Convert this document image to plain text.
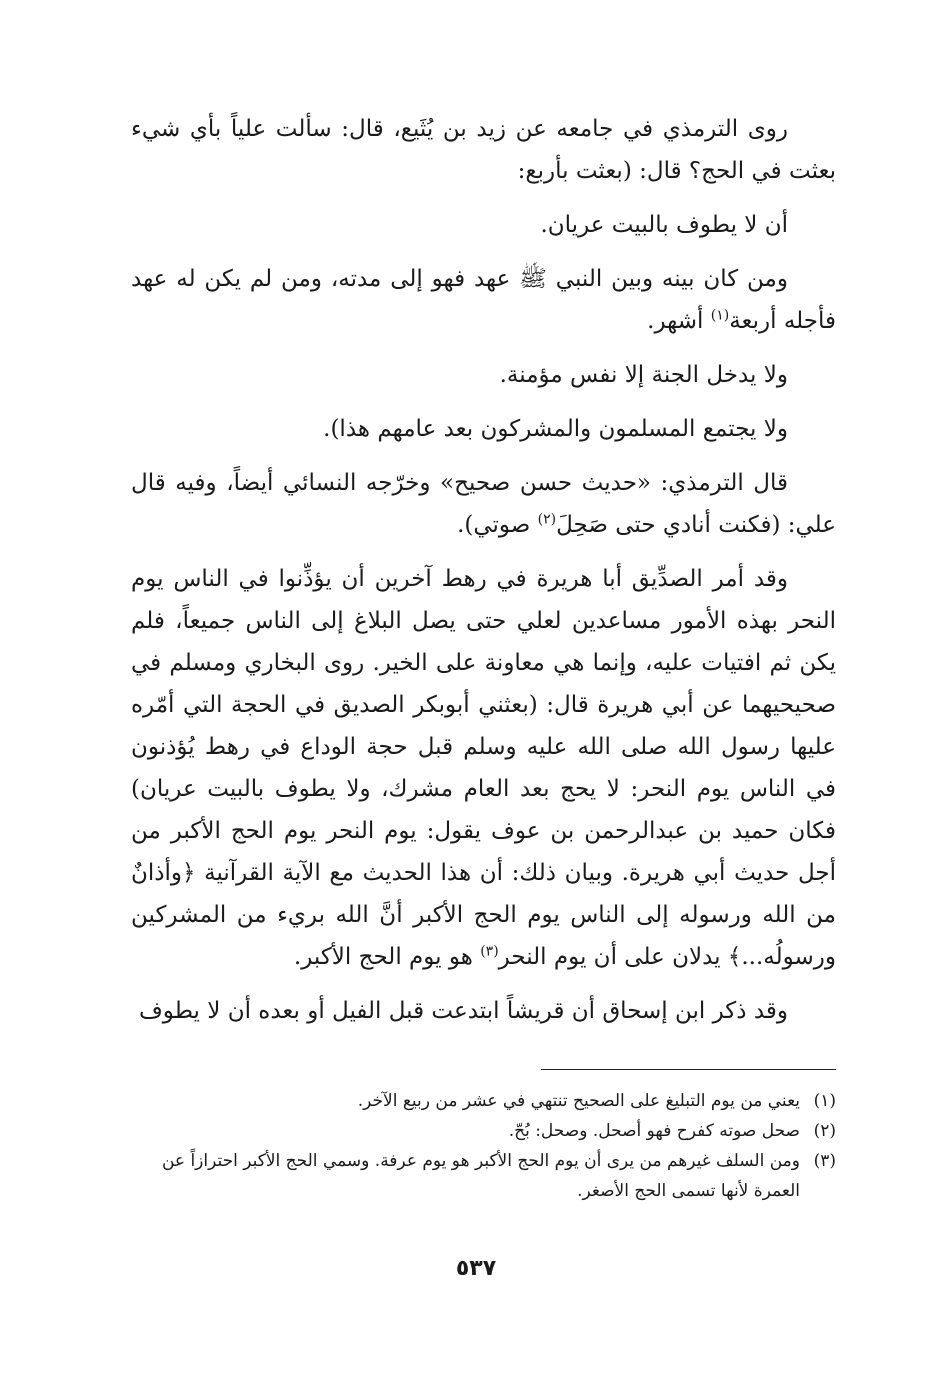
روى الترمذي في جامعه عن زيد بن يُثَيع، قال: سألت علياً بأي شيء بعثت في الحج؟ قال: (بعثت بأربع:

أن لا يطوف بالبيت عريان.

ومن كان بينه وبين النبي ﷺ عهد فهو إلى مدته، ومن لم يكن له عهد فأجله أربعة$^{(١)}$ أشهر.

ولا يدخل الجنة إلا نفس مؤمنة.

ولا يجتمع المسلمون والمشركون بعد عامهم هذا).

قال الترمذي: «حديث حسن صحيح» وخرّجه النسائي أيضاً، وفيه قال علي: (فكنت أنادي حتى صَحِلَ$^{(٢)}$ صوتي).

وقد أمر الصدِّيق أبا هريرة في رهط آخرين أن يؤذِّنوا في الناس يوم النحر بهذه الأمور مساعدين لعلي حتى يصل البلاغ إلى الناس جميعاً، فلم يكن ثم افتيات عليه، وإنما هي معاونة على الخير. روى البخاري ومسلم في صحيحيهما عن أبي هريرة قال: (بعثني أبوبكر الصديق في الحجة التي أمّره عليها رسول الله صلى الله عليه وسلم قبل حجة الوداع في رهط يُؤذنون في الناس يوم النحر: لا يحج بعد العام مشرك، ولا يطوف بالبيت عريان) فكان حميد بن عبدالرحمن بن عوف يقول: يوم النحر يوم الحج الأكبر من أجل حديث أبي هريرة. وبيان ذلك: أن هذا الحديث مع الآية القرآنية ﴿وأذانٌ من الله ورسوله إلى الناس يوم الحج الأكبر أنَّ الله بريء من المشركين ورسولُه...﴾ يدلان على أن يوم النحر$^{(٣)}$ هو يوم الحج الأكبر.

وقد ذكر ابن إسحاق أن قريشاً ابتدعت قبل الفيل أو بعده أن لا يطوف

(١)يعني من يوم التبليغ على الصحيح تنتهي في عشر من ربيع الآخر.

(٢)صحل صوته كفرح فهو أصحل. وصحل: بُحّ.

(٣)ومن السلف غيرهم من يرى أن يوم الحج الأكبر هو يوم عرفة. وسمي الحج الأكبر احترازاً عن العمرة لأنها تسمى الحج الأصغر.

٥٣٧
